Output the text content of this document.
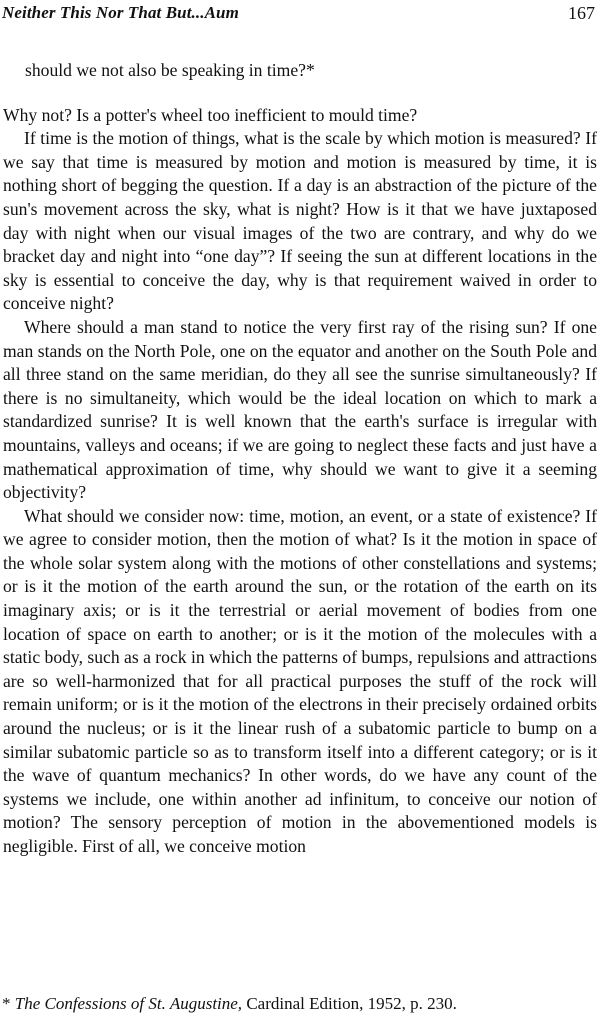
Neither This Nor That But...Aum	167

should we not also be speaking in time?*

Why not? Is a potter's wheel too inefficient to mould time?

If time is the motion of things, what is the scale by which motion is measured? If we say that time is measured by motion and motion is measured by time, it is nothing short of begging the question. If a day is an abstraction of the picture of the sun's movement across the sky, what is night? How is it that we have juxtaposed day with night when our visual images of the two are contrary, and why do we bracket day and night into “one day”? If seeing the sun at different locations in the sky is essential to conceive the day, why is that requirement waived in order to conceive night?

Where should a man stand to notice the very first ray of the rising sun? If one man stands on the North Pole, one on the equator and another on the South Pole and all three stand on the same meridian, do they all see the sunrise simultaneously? If there is no simultaneity, which would be the ideal location on which to mark a standardized sunrise? It is well known that the earth's surface is irregular with mountains, valleys and oceans; if we are going to neglect these facts and just have a mathematical approximation of time, why should we want to give it a seeming objectivity?

What should we consider now: time, motion, an event, or a state of existence? If we agree to consider motion, then the motion of what? Is it the motion in space of the whole solar system along with the motions of other constellations and systems; or is it the motion of the earth around the sun, or the rotation of the earth on its imaginary axis; or is it the terrestrial or aerial movement of bodies from one location of space on earth to another; or is it the motion of the molecules with a static body, such as a rock in which the patterns of bumps, repulsions and attractions are so well-harmonized that for all practical purposes the stuff of the rock will remain uniform; or is it the motion of the electrons in their precisely ordained orbits around the nucleus; or is it the linear rush of a subatomic particle to bump on a similar subatomic particle so as to transform itself into a different category; or is it the wave of quantum mechanics? In other words, do we have any count of the systems we include, one within another ad infinitum, to conceive our notion of motion? The sensory perception of motion in the abovementioned models is negligible. First of all, we conceive motion

* The Confessions of St. Augustine, Cardinal Edition, 1952, p. 230.
